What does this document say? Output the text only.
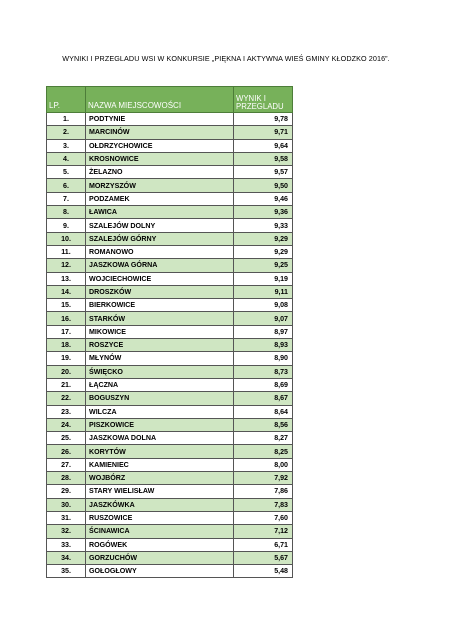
WYNIKI I PRZEGLADU WSI W KONKURSIE „PIĘKNA I AKTYWNA WIEŚ GMINY KŁODZKO 2016”.
LP.	NAZWA MIEJSCOWOŚCI	WYNIK I PRZEGLADU
1.	PODTYNIE	9,78
2.	MARCINÓW	9,71
3.	OŁDRZYCHOWICE	9,64
4.	KROSNOWICE	9,58
5.	ŻELAZNO	9,57
6.	MORZYSZÓW	9,50
7.	PODZAMEK	9,46
8.	ŁAWICA	9,36
9.	SZALEJÓW DOLNY	9,33
10.	SZALEJÓW GÓRNY	9,29
11.	ROMANOWO	9,29
12.	JASZKOWA GÓRNA	9,25
13.	WOJCIECHOWICE	9,19
14.	DROSZKÓW	9,11
15.	BIERKOWICE	9,08
16.	STARKÓW	9,07
17.	MIKOWICE	8,97
18.	ROSZYCE	8,93
19.	MŁYNÓW	8,90
20.	ŚWIĘCKO	8,73
21.	ŁĄCZNA	8,69
22.	BOGUSZYN	8,67
23.	WILCZA	8,64
24.	PISZKOWICE	8,56
25.	JASZKOWA DOLNA	8,27
26.	KORYTÓW	8,25
27.	KAMIENIEC	8,00
28.	WOJBÓRZ	7,92
29.	STARY WIELISŁAW	7,86
30.	JASZKÓWKA	7,83
31.	RUSZOWICE	7,60
32.	ŚCINAWICA	7,12
33.	ROGÓWEK	6,71
34.	GORZUCHÓW	5,67
35.	GOŁOGŁOWY	5,48
